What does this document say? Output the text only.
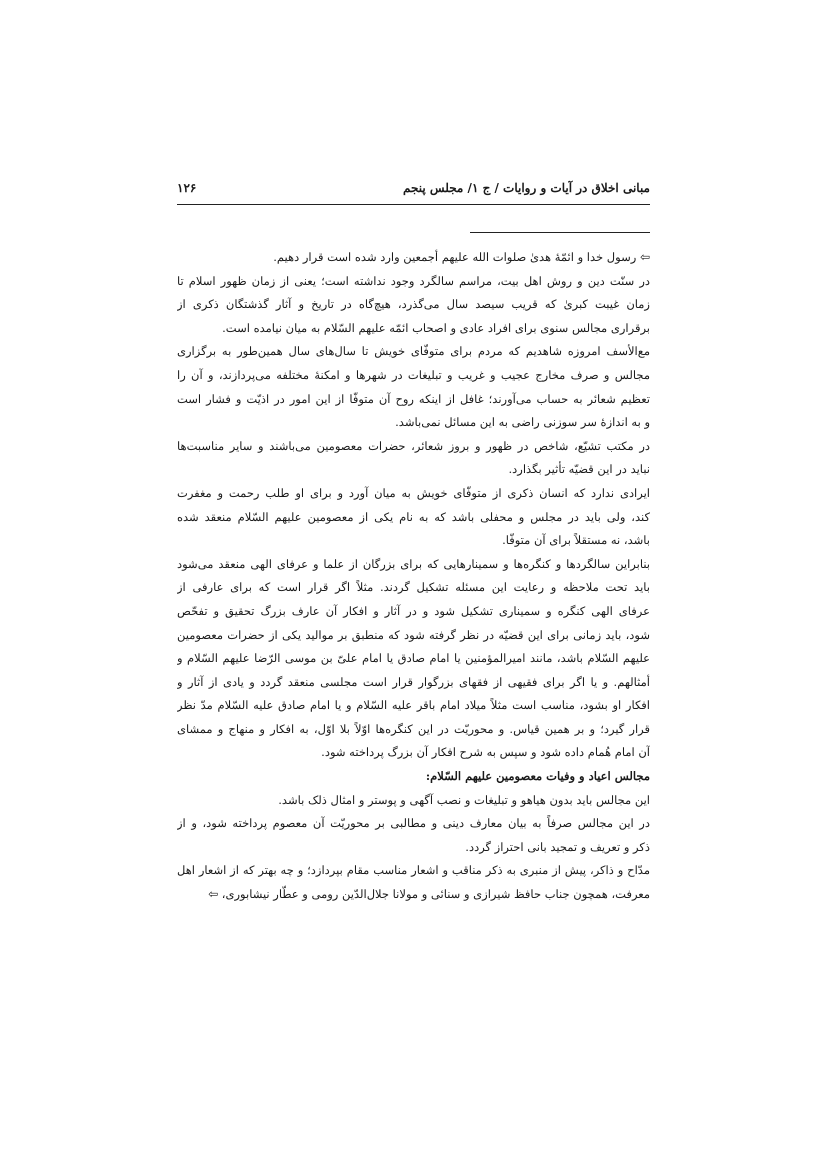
مبانی اخلاق در آیات و روایات / ج ۱/ مجلس پنجم
۱۲۶
⇦ رسول خدا و ائمّۀ هدیٰ صلوات الله علیهم أجمعین وارد شده است قرار دهیم.
در سنّت دین و روش اهل بیت، مراسم سالگرد وجود نداشته است؛ یعنی از زمان ظهور اسلام تا
زمان غیبت کبریٰ که قریب سیصد سال می‌گذرد، هیچ‌گاه در تاریخ و آثار گذشتگان ذکری از
برقراری مجالس سنوی برای افراد عادی و اصحاب ائمّه علیهم السّلام به میان نیامده است.
مع‌الأسف امروزه شاهدیم که مردم برای متوفّای خویش تا سال‌های سال همین‌طور به برگزاری
مجالس و صرف مخارج عجیب و غریب و تبلیغات در شهرها و امکنۀ مختلفه می‌پردازند، و آن را
تعظیم شعائر به حساب می‌آورند؛ غافل از اینکه روح آن متوفّا از این امور در اذیّت و فشار است
و به اندازۀ سر سوزنی راضی به این مسائل نمی‌باشد.
در مکتب تشیّع، شاخص در ظهور و بروز شعائر، حضرات معصومین می‌باشند و سایر مناسبت‌ها
نباید در این قضیّه تأثیر بگذارد.
ایرادی ندارد که انسان ذکری از متوفّای خویش به میان آورد و برای او طلب رحمت و مغفرت
کند، ولی باید در مجلس و محفلی باشد که به نام یکی از معصومین علیهم السّلام منعقد شده
باشد، نه مستقلاً برای آن متوفّا.
بنابراین سالگردها و کنگره‌ها و سمینارهایی که برای بزرگان از علما و عرفای الهی منعقد می‌شود
باید تحت ملاحظه و رعایت این مسئله تشکیل گردند. مثلاً اگر قرار است که برای عارفی از
عرفای الهی کنگره و سمیناری تشکیل شود و در آثار و افکار آن عارف بزرگ تحقیق و تفحّص
شود، باید زمانی برای این قضیّه در نظر گرفته شود که منطبق بر موالید یکی از حضرات معصومین
علیهم السّلام باشد، مانند امیرالمؤمنین یا امام صادق یا امام علیّ بن موسی الرّضا علیهم السّلام و
أمثالهم. و یا اگر برای فقیهی از فقهای بزرگوار قرار است مجلسی منعقد گردد و یادی از آثار و
افکار او بشود، مناسب است مثلاً میلاد امام باقر علیه السّلام و یا امام صادق علیه السّلام مدّ نظر
قرار گیرد؛ و بر همین قیاس. و محوریّت در این کنگره‌ها اوّلاً بلا اوّل، به افکار و منهاج و ممشای
آن امام هُمام داده شود و سپس به شرح افکار آن بزرگ پرداخته شود.
مجالس اعیاد و وفیات معصومین علیهم السّلام:
این مجالس باید بدون هیاهو و تبلیغات و نصب آگهی و پوستر و امثال ذلک باشد.
در این مجالس صرفاً به بیان معارف دینی و مطالبی بر محوریّت آن معصوم پرداخته شود، و از
ذکر و تعریف و تمجید بانی احتراز گردد.
مدّاح و ذاکر، پیش از منبری به ذکر مناقب و اشعار مناسب مقام بپردازد؛ و چه بهتر که از اشعار اهل
معرفت، همچون جناب حافظ شیرازی و سنائی و مولانا جلال‌الدّین رومی و عطّار نیشابوری، ⇦
